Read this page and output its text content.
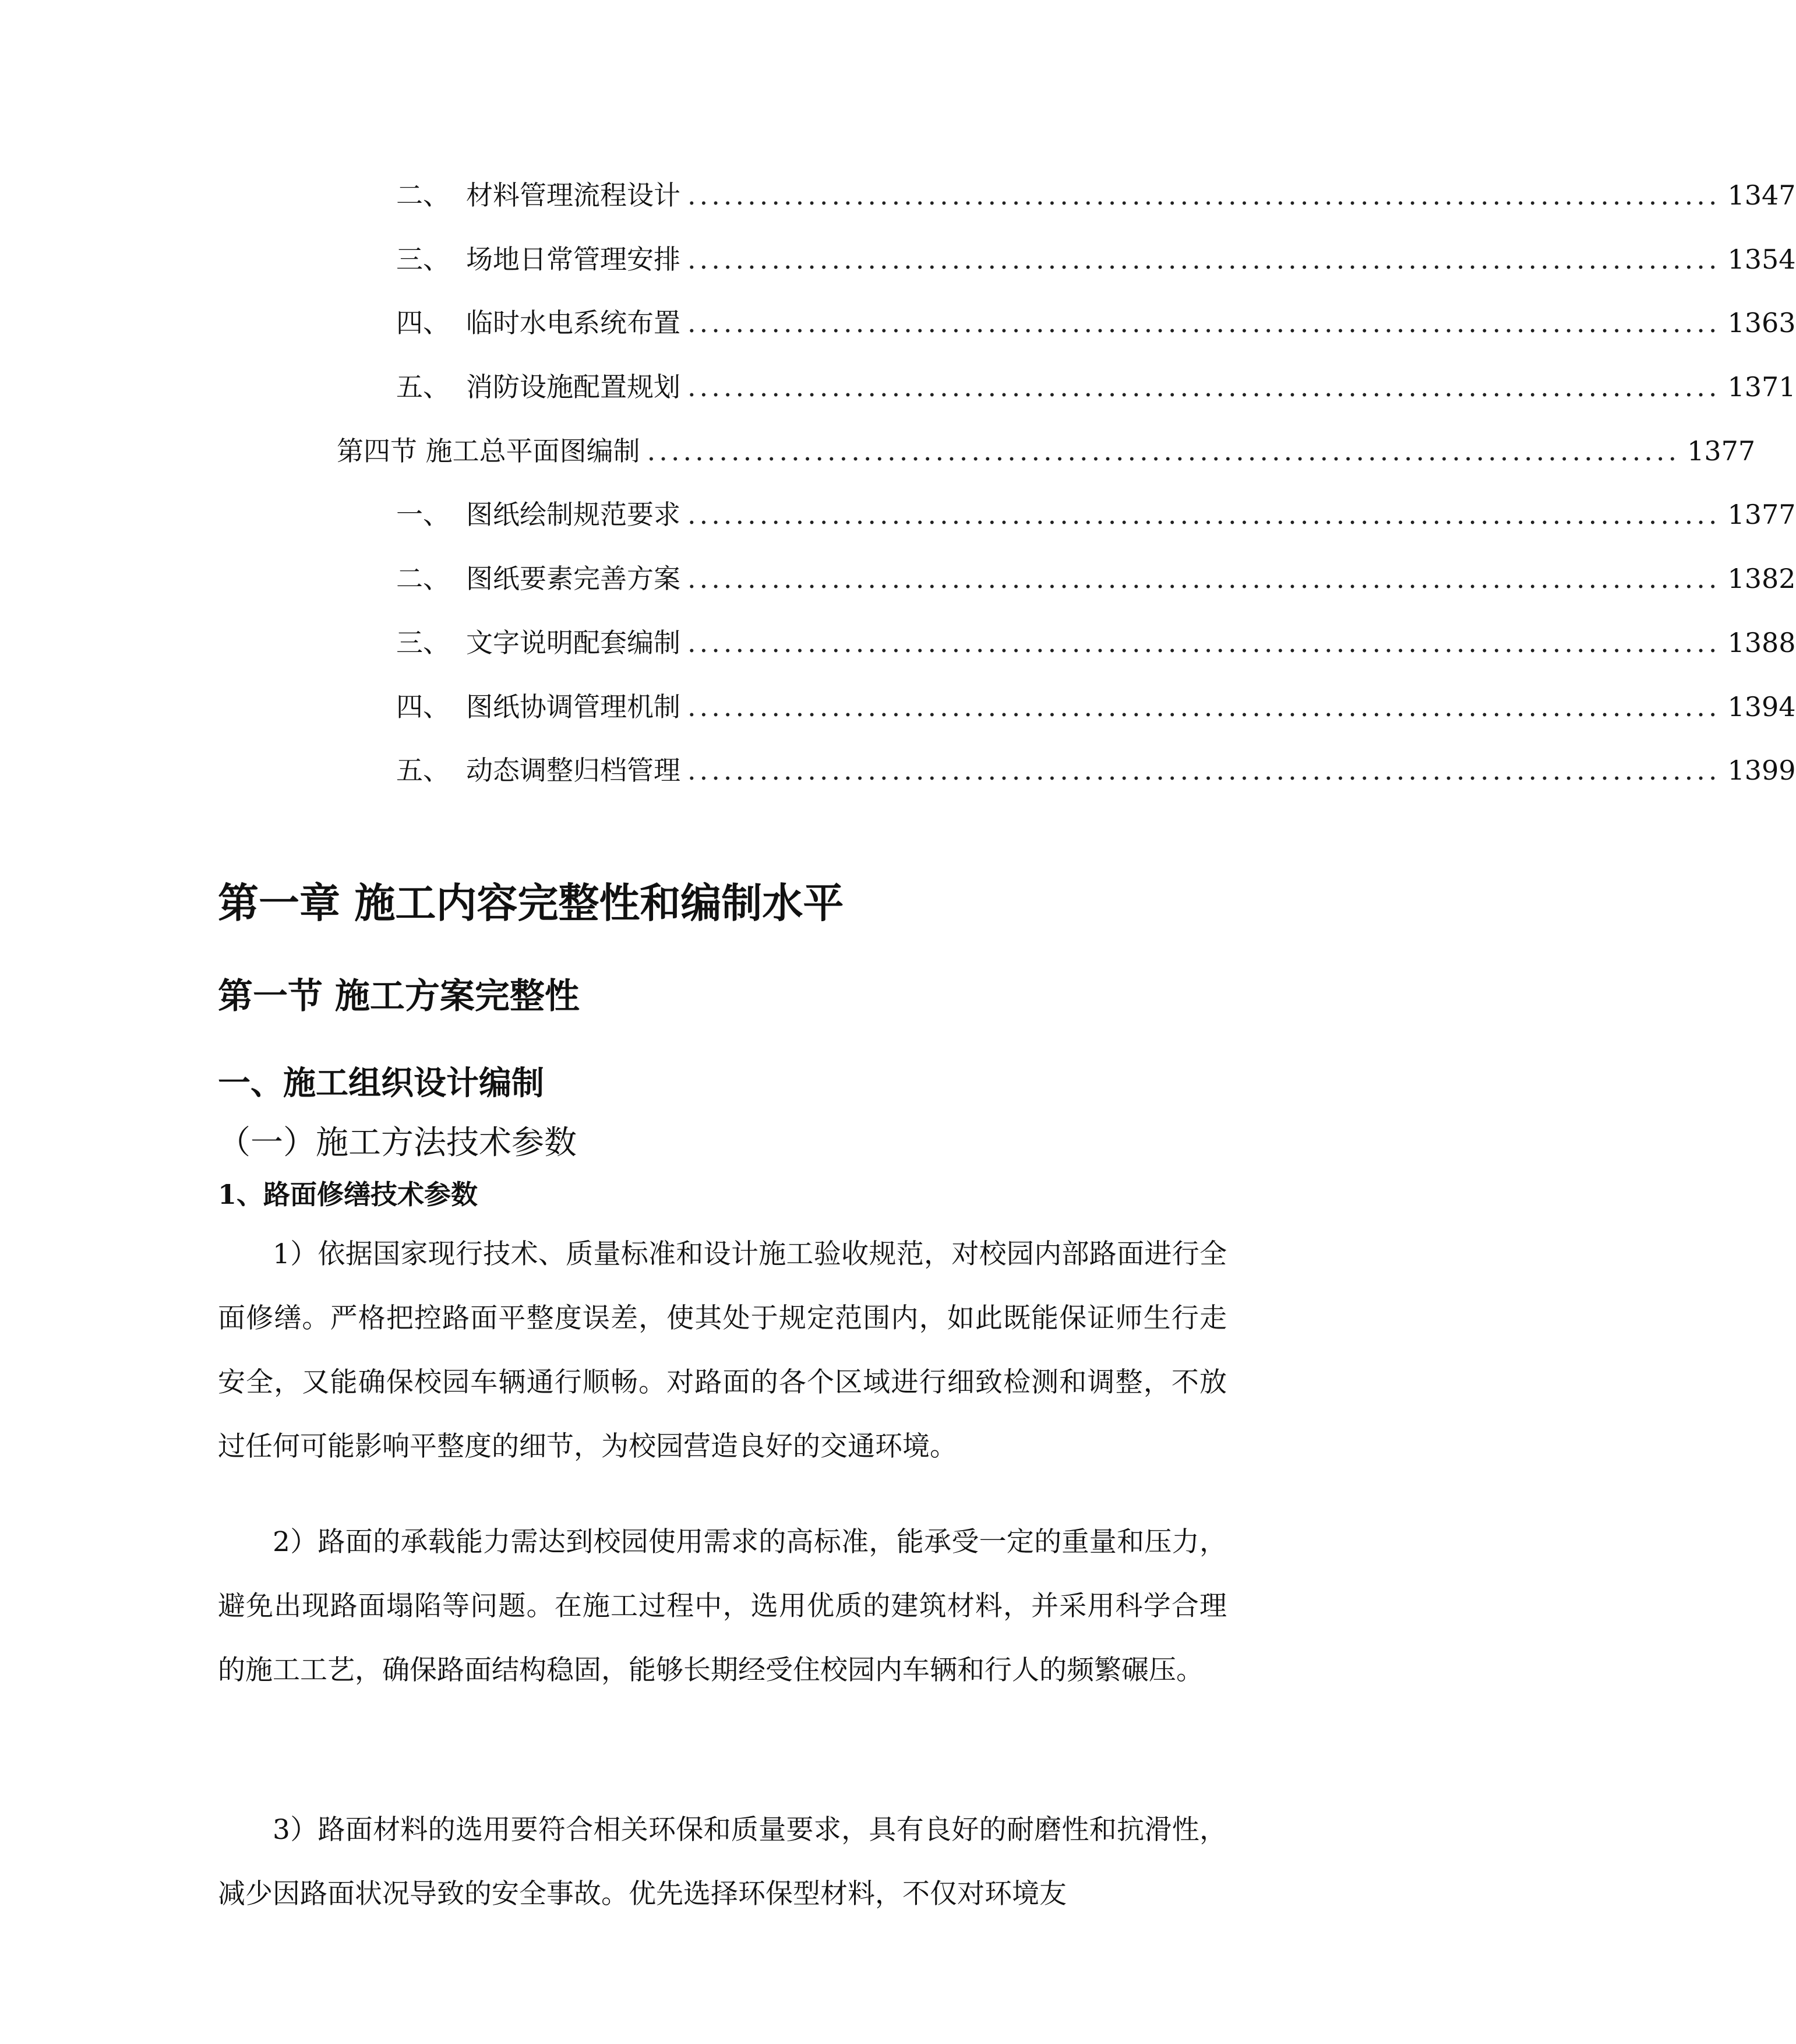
二、 材料管理流程设计 ...................................................................................... 1347
三、 场地日常管理安排 ...................................................................................... 1354
四、 临时水电系统布置 ...................................................................................... 1363
五、 消防设施配置规划 ...................................................................................... 1371
第四节 施工总平面图编制 ...................................................................................... 1377
一、 图纸绘制规范要求 ...................................................................................... 1377
二、 图纸要素完善方案 ...................................................................................... 1382
三、 文字说明配套编制 ...................................................................................... 1388
四、 图纸协调管理机制 ...................................................................................... 1394
五、 动态调整归档管理 ...................................................................................... 1399
第一章 施工内容完整性和编制水平
第一节 施工方案完整性
一、施工组织设计编制
（一）施工方法技术参数
1、路面修缮技术参数

1）依据国家现行技术、质量标准和设计施工验收规范，对校园内部路面进行全面修缮。严格把控路面平整度误差，使其处于规定范围内，如此既能保证师生行走安全，又能确保校园车辆通行顺畅。对路面的各个区域进行细致检测和调整，不放过任何可能影响平整度的细节，为校园营造良好的交通环境。

2）路面的承载能力需达到校园使用需求的高标准，能承受一定的重量和压力，避免出现路面塌陷等问题。在施工过程中，选用优质的建筑材料，并采用科学合理的施工工艺，确保路面结构稳固，能够长期经受住校园内车辆和行人的频繁碾压。

3）路面材料的选用要符合相关环保和质量要求，具有良好的耐磨性和抗滑性，减少因路面状况导致的安全事故。优先选择环保型材料，不仅对环境友
